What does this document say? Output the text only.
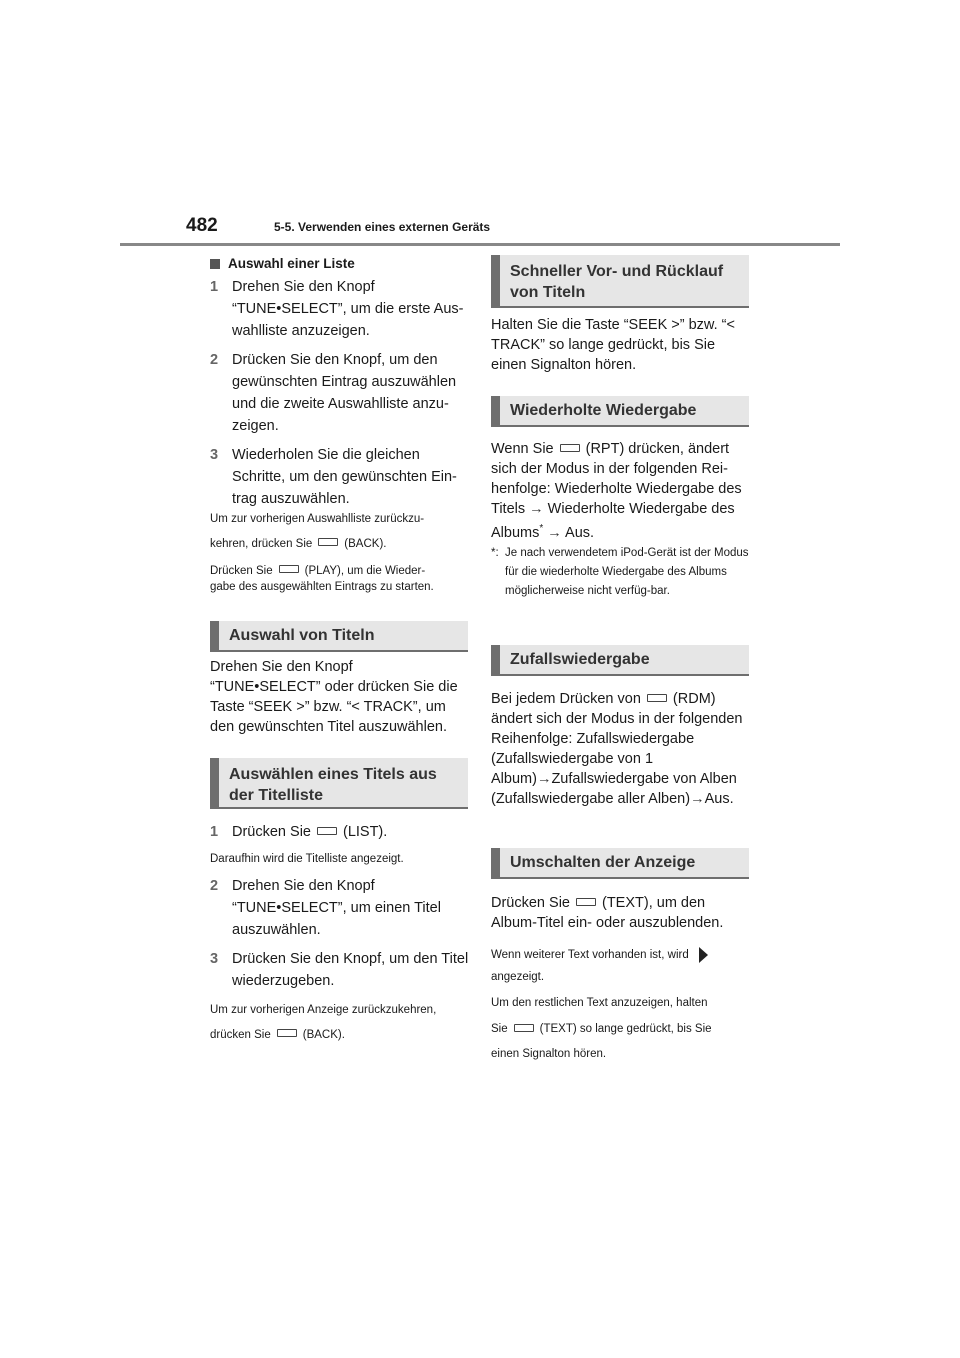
482	5-5. Verwenden eines externen Geräts
Auswahl einer Liste
1 Drehen Sie den Knopf “TUNE•SELECT”, um die erste Aus-wahlliste anzuzeigen.
2 Drücken Sie den Knopf, um den gewünschten Eintrag auszuwählen und die zweite Auswahlliste anzu-zeigen.
3 Wiederholen Sie die gleichen Schritte, um den gewünschten Ein-trag auszuwählen.

Um zur vorherigen Auswahlliste zurückzu-

kehren, drücken Sie	(BACK).

Drücken Sie	(PLAY), um die Wieder-

gabe des ausgewählten Eintrags zu starten.

Auswahl von Titeln

Drehen Sie den Knopf “TUNE•SELECT” oder drücken Sie die Taste “SEEK >” bzw. “< TRACK”, um den gewünschten Titel auszuwählen.

Auswählen eines Titels aus der Titelliste
1 Drücken Sie (LIST).

Daraufhin wird die Titelliste angezeigt.

2 Drehen Sie den Knopf “TUNE•SELECT”, um einen Titel auszuwählen.
3 Drücken Sie den Knopf, um den Titel wiederzugeben.

Um zur vorherigen Anzeige zurückzukehren,

drücken Sie	(BACK).

Schneller Vor- und Rücklauf von Titeln

Halten Sie die Taste “SEEK >” bzw. “< TRACK” so lange gedrückt, bis Sie einen Signalton hören.

Wiederholte Wiedergabe

Wenn Sie (RPT) drücken, ändert sich der Modus in der folgenden Rei-henfolge: Wiederholte Wiedergabe des Titels → Wiederholte Wiedergabe des Albums* → Aus.

*: Je nach verwendetem iPod-Gerät ist der Modus für die wiederholte Wiedergabe des Albums möglicherweise nicht verfüg-bar.
Zufallswiedergabe

Bei jedem Drücken von (RDM) ändert sich der Modus in der folgenden Reihenfolge: Zufallswiedergabe (Zufallswiedergabe von 1 Album)→Zufallswiedergabe von Alben (Zufallswiedergabe aller Alben)→Aus.

Umschalten der Anzeige

Drücken Sie (TEXT), um den Album-Titel ein- oder auszublenden.

Wenn weiterer Text vorhanden ist, wird

angezeigt.

Um den restlichen Text anzuzeigen, halten

Sie	(TEXT) so lange gedrückt, bis Sie

einen Signalton hören.
